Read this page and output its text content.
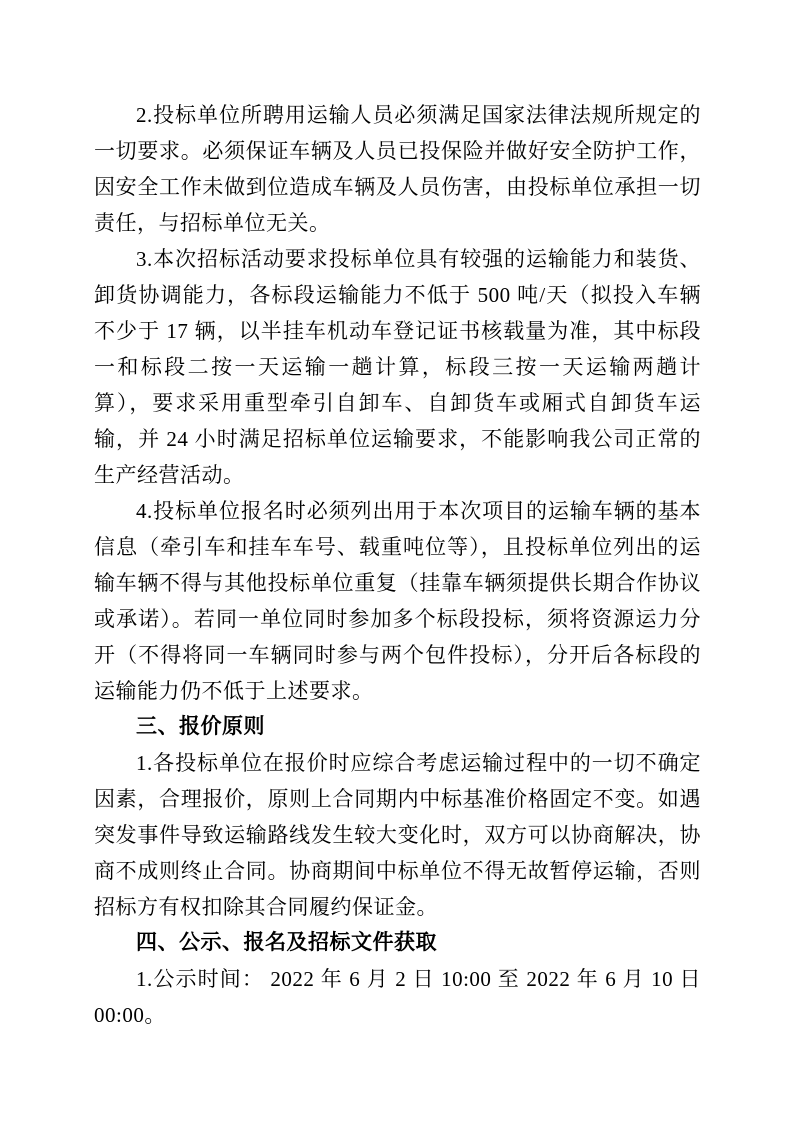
2.投标单位所聘用运输人员必须满足国家法律法规所规定的一切要求。必须保证车辆及人员已投保险并做好安全防护工作，因安全工作未做到位造成车辆及人员伤害，由投标单位承担一切责任，与招标单位无关。

3.本次招标活动要求投标单位具有较强的运输能力和装货、卸货协调能力，各标段运输能力不低于 500 吨/天（拟投入车辆不少于 17 辆，以半挂车机动车登记证书核载量为准，其中标段一和标段二按一天运输一趟计算，标段三按一天运输两趟计算），要求采用重型牵引自卸车、自卸货车或厢式自卸货车运输，并 24 小时满足招标单位运输要求，不能影响我公司正常的生产经营活动。

4.投标单位报名时必须列出用于本次项目的运输车辆的基本信息（牵引车和挂车车号、载重吨位等），且投标单位列出的运输车辆不得与其他投标单位重复（挂靠车辆须提供长期合作协议或承诺）。若同一单位同时参加多个标段投标，须将资源运力分开（不得将同一车辆同时参与两个包件投标），分开后各标段的运输能力仍不低于上述要求。

三、报价原则

1.各投标单位在报价时应综合考虑运输过程中的一切不确定因素，合理报价，原则上合同期内中标基准价格固定不变。如遇突发事件导致运输路线发生较大变化时，双方可以协商解决，协商不成则终止合同。协商期间中标单位不得无故暂停运输，否则招标方有权扣除其合同履约保证金。

四、公示、报名及招标文件获取

1.公示时间： 2022 年 6 月 2 日 10:00 至 2022 年 6 月 10 日 00:00。
